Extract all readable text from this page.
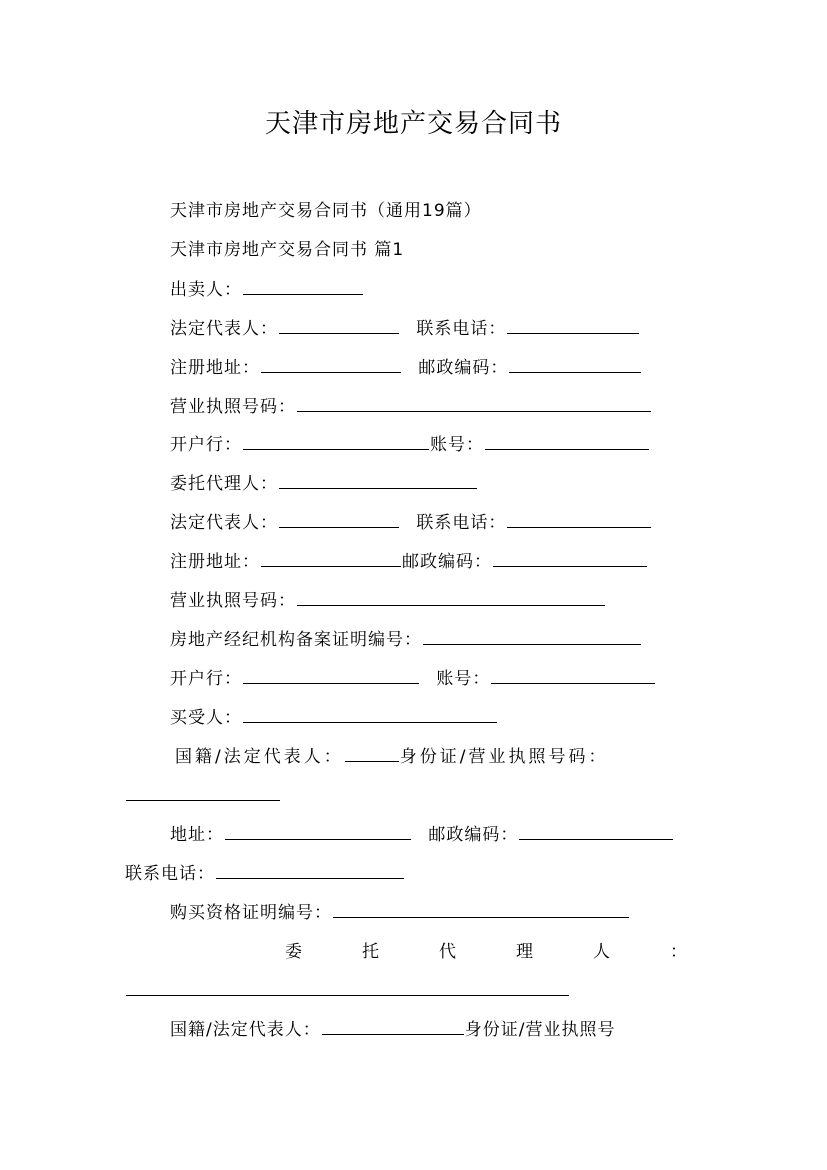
天津市房地产交易合同书
天津市房地产交易合同书（通用19篇）
天津市房地产交易合同书 篇1
出卖人：
法定代表人：	联系电话：
注册地址：	邮政编码：
营业执照号码：
开户行：	账号：
委托代理人：
法定代表人：	联系电话：
注册地址：	邮政编码：
营业执照号码：
房地产经纪机构备案证明编号：
开户行：	账号：
买受人：
国籍/法定代表人：	身份证/营业执照号码：
地址：	邮政编码：
联系电话：
购买资格证明编号：
委	托	代	理	人	：
国籍/法定代表人：	身份证/营业执照号
